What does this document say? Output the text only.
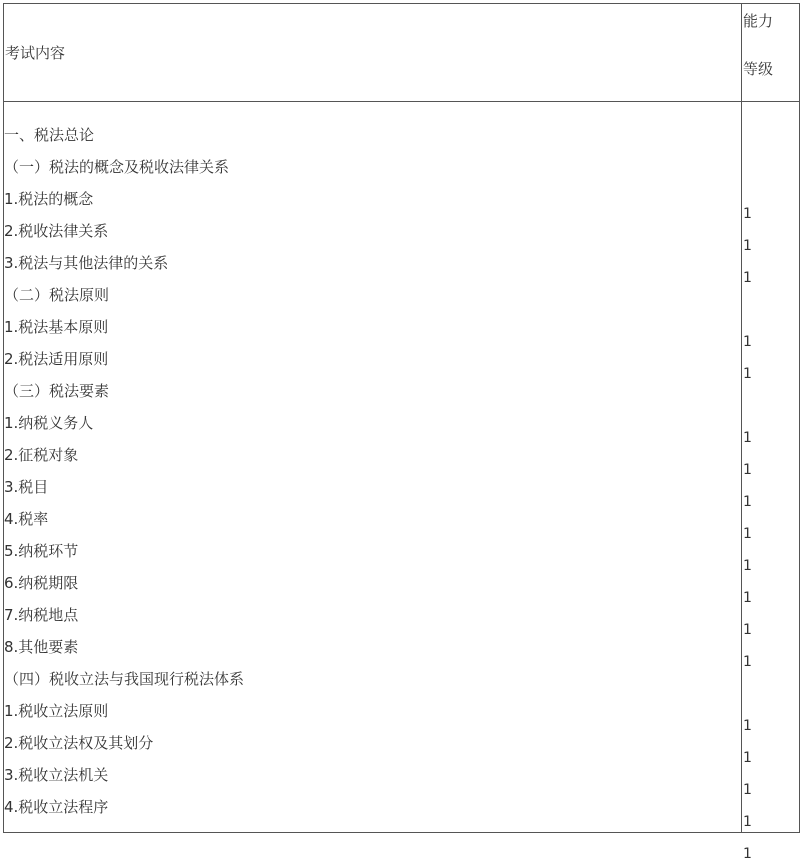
考试内容
能力
等级
一、税法总论
（一）税法的概念及税收法律关系
1.税法的概念
1
2.税收法律关系
1
3.税法与其他法律的关系
1
（二）税法原则
1.税法基本原则
1
2.税法适用原则
1
（三）税法要素
1.纳税义务人
1
2.征税对象
1
3.税目
1
4.税率
1
5.纳税环节
1
6.纳税期限
1
7.纳税地点
1
8.其他要素
1
（四）税收立法与我国现行税法体系
1.税收立法原则
1
2.税收立法权及其划分
1
3.税收立法机关
1
4.税收立法程序
1
1
